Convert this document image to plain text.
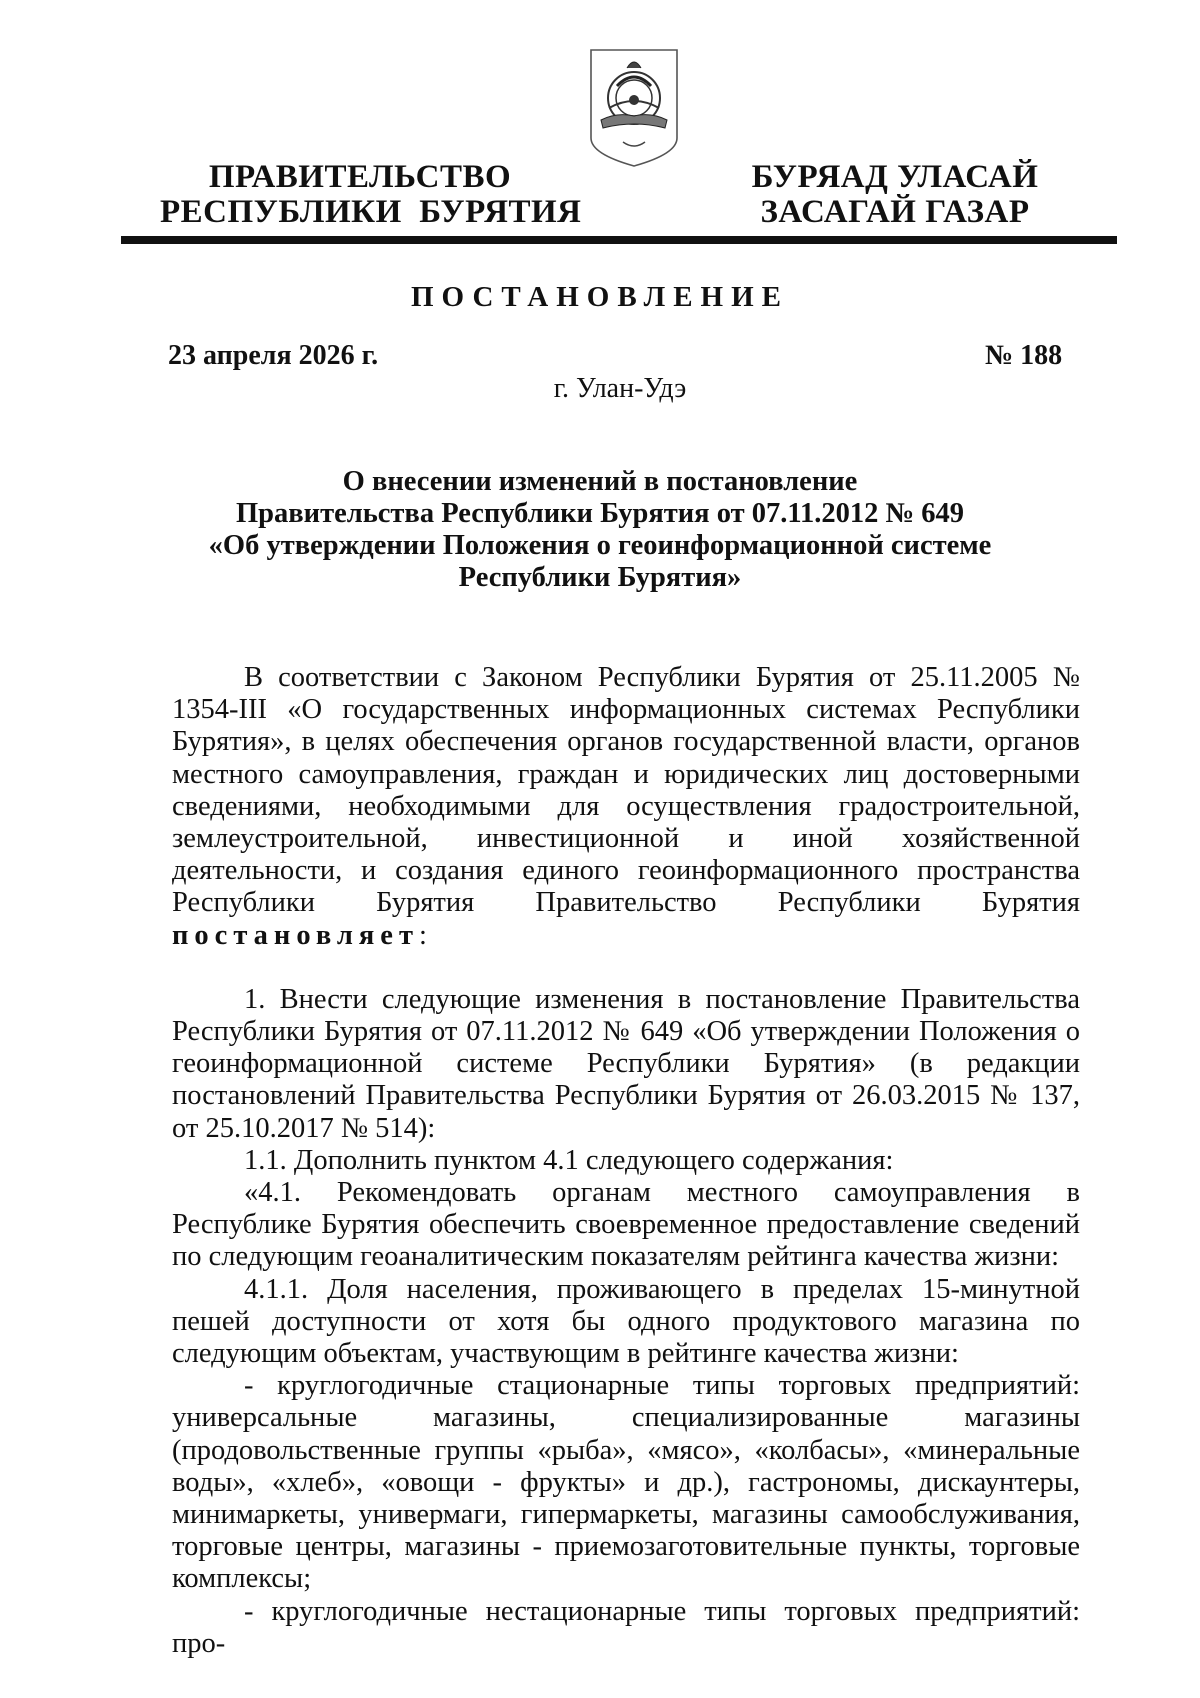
ПРАВИТЕЛЬСТВО
РЕСПУБЛИКИ  БУРЯТИЯ
БУРЯАД УЛАСАЙ
ЗАСАГАЙ ГАЗАР
ПОСТАНОВЛЕНИЕ
23 апреля 2026 г.	№ 188
г. Улан-Удэ
О внесении изменений в постановление
Правительства Республики Бурятия от 07.11.2012 № 649
«Об утверждении Положения о геоинформационной системе
Республики Бурятия»

В соответствии с Законом Республики Бурятия от 25.11.2005 № 1354-III «О государственных информационных системах Республики Бурятия», в целях обеспечения органов государственной власти, органов местного самоуправления, граждан и юридических лиц достоверными сведениями, необходимыми для осуществления градостроительной, землеустроительной, инвестиционной и иной хозяйственной деятельности, и создания единого геоинформационного пространства Республики Бурятия Правительство Республики Бурятия постановляет:

1. Внести следующие изменения в постановление Правительства Республики Бурятия от 07.11.2012 № 649 «Об утверждении Положения о геоинформационной системе Республики Бурятия» (в редакции постановлений Правительства Республики Бурятия от 26.03.2015 № 137, от 25.10.2017 № 514):

1.1. Дополнить пунктом 4.1 следующего содержания:

«4.1. Рекомендовать органам местного самоуправления в Республике Бурятия обеспечить своевременное предоставление сведений по следующим геоаналитическим показателям рейтинга качества жизни:

4.1.1. Доля населения, проживающего в пределах 15-минутной пешей доступности от хотя бы одного продуктового магазина по следующим объектам, участвующим в рейтинге качества жизни:

- круглогодичные стационарные типы торговых предприятий: универсальные магазины, специализированные магазины (продовольственные группы «рыба», «мясо», «колбасы», «минеральные воды», «хлеб», «овощи - фрукты» и др.), гастрономы, дискаунтеры, минимаркеты, универмаги, гипермаркеты, магазины самообслуживания, торговые центры, магазины - приемозаготовительные пункты, торговые комплексы;

- круглогодичные нестационарные типы торговых предприятий: про-
